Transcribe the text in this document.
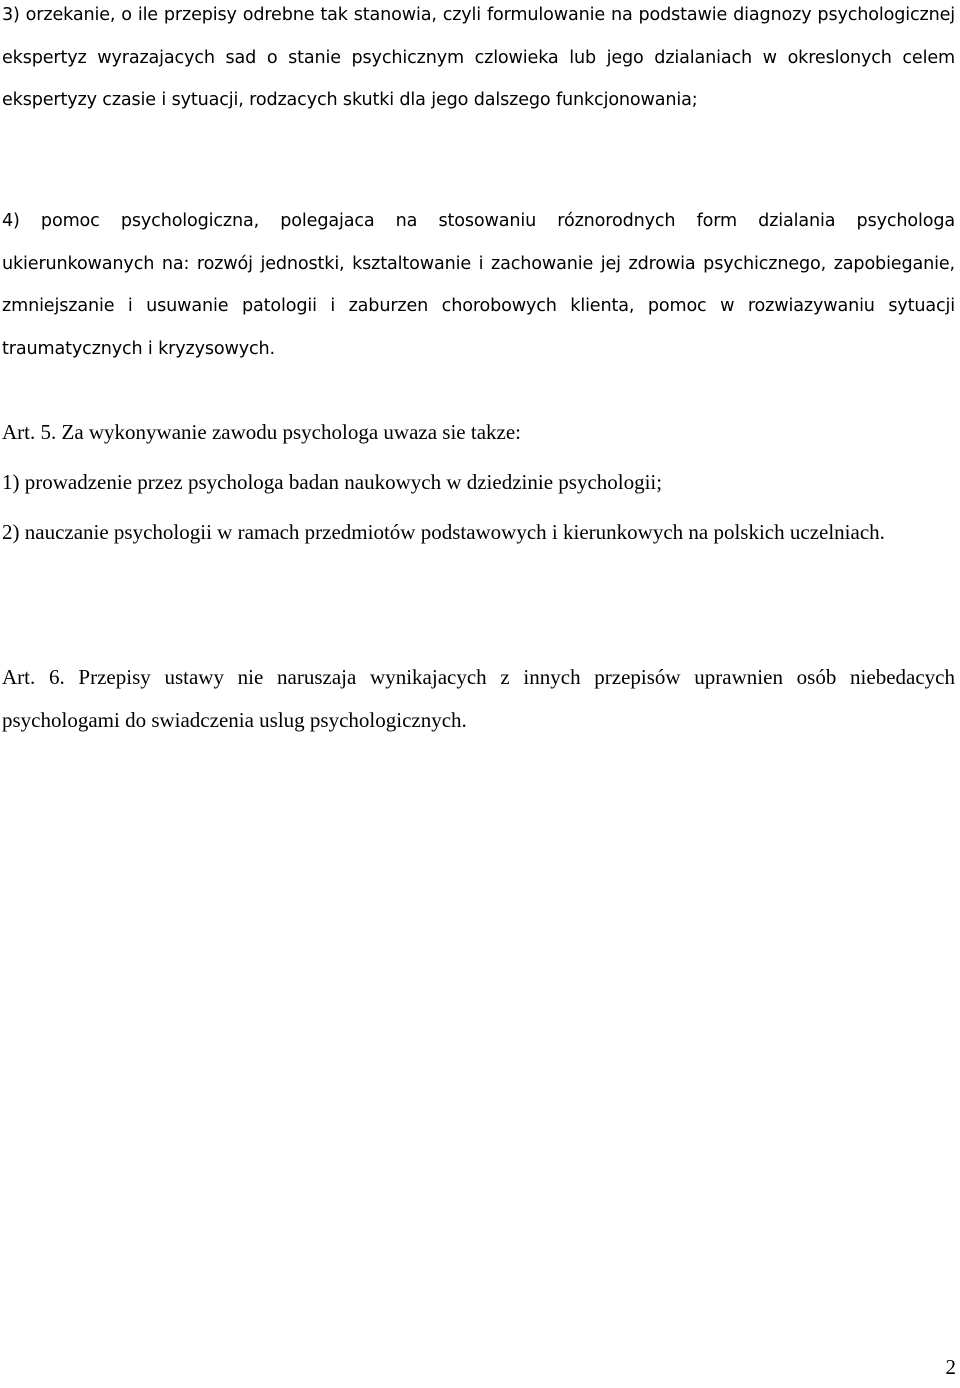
3) orzekanie, o ile przepisy odrebne tak stanowia, czyli formulowanie na podstawie diagnozy psychologicznej ekspertyz wyrazajacych sad o stanie psychicznym czlowieka lub jego dzialaniach w okreslonych celem ekspertyzy czasie i sytuacji, rodzacych skutki dla jego dalszego funkcjonowania;

4) pomoc psychologiczna, polegajaca na stosowaniu róznorodnych form dzialania psychologa ukierunkowanych na: rozwój jednostki, ksztaltowanie i zachowanie jej zdrowia psychicznego, zapobieganie, zmniejszanie i usuwanie patologii i zaburzen chorobowych klienta, pomoc w rozwiazywaniu sytuacji traumatycznych i kryzysowych.

Art. 5. Za wykonywanie zawodu psychologa uwaza sie takze:

1) prowadzenie przez psychologa badan naukowych w dziedzinie psychologii;

2) nauczanie psychologii w ramach przedmiotów podstawowych i kierunkowych na polskich uczelniach.

Art. 6. Przepisy ustawy nie naruszaja wynikajacych z innych przepisów uprawnien osób niebedacych psychologami do swiadczenia uslug psychologicznych.

2
